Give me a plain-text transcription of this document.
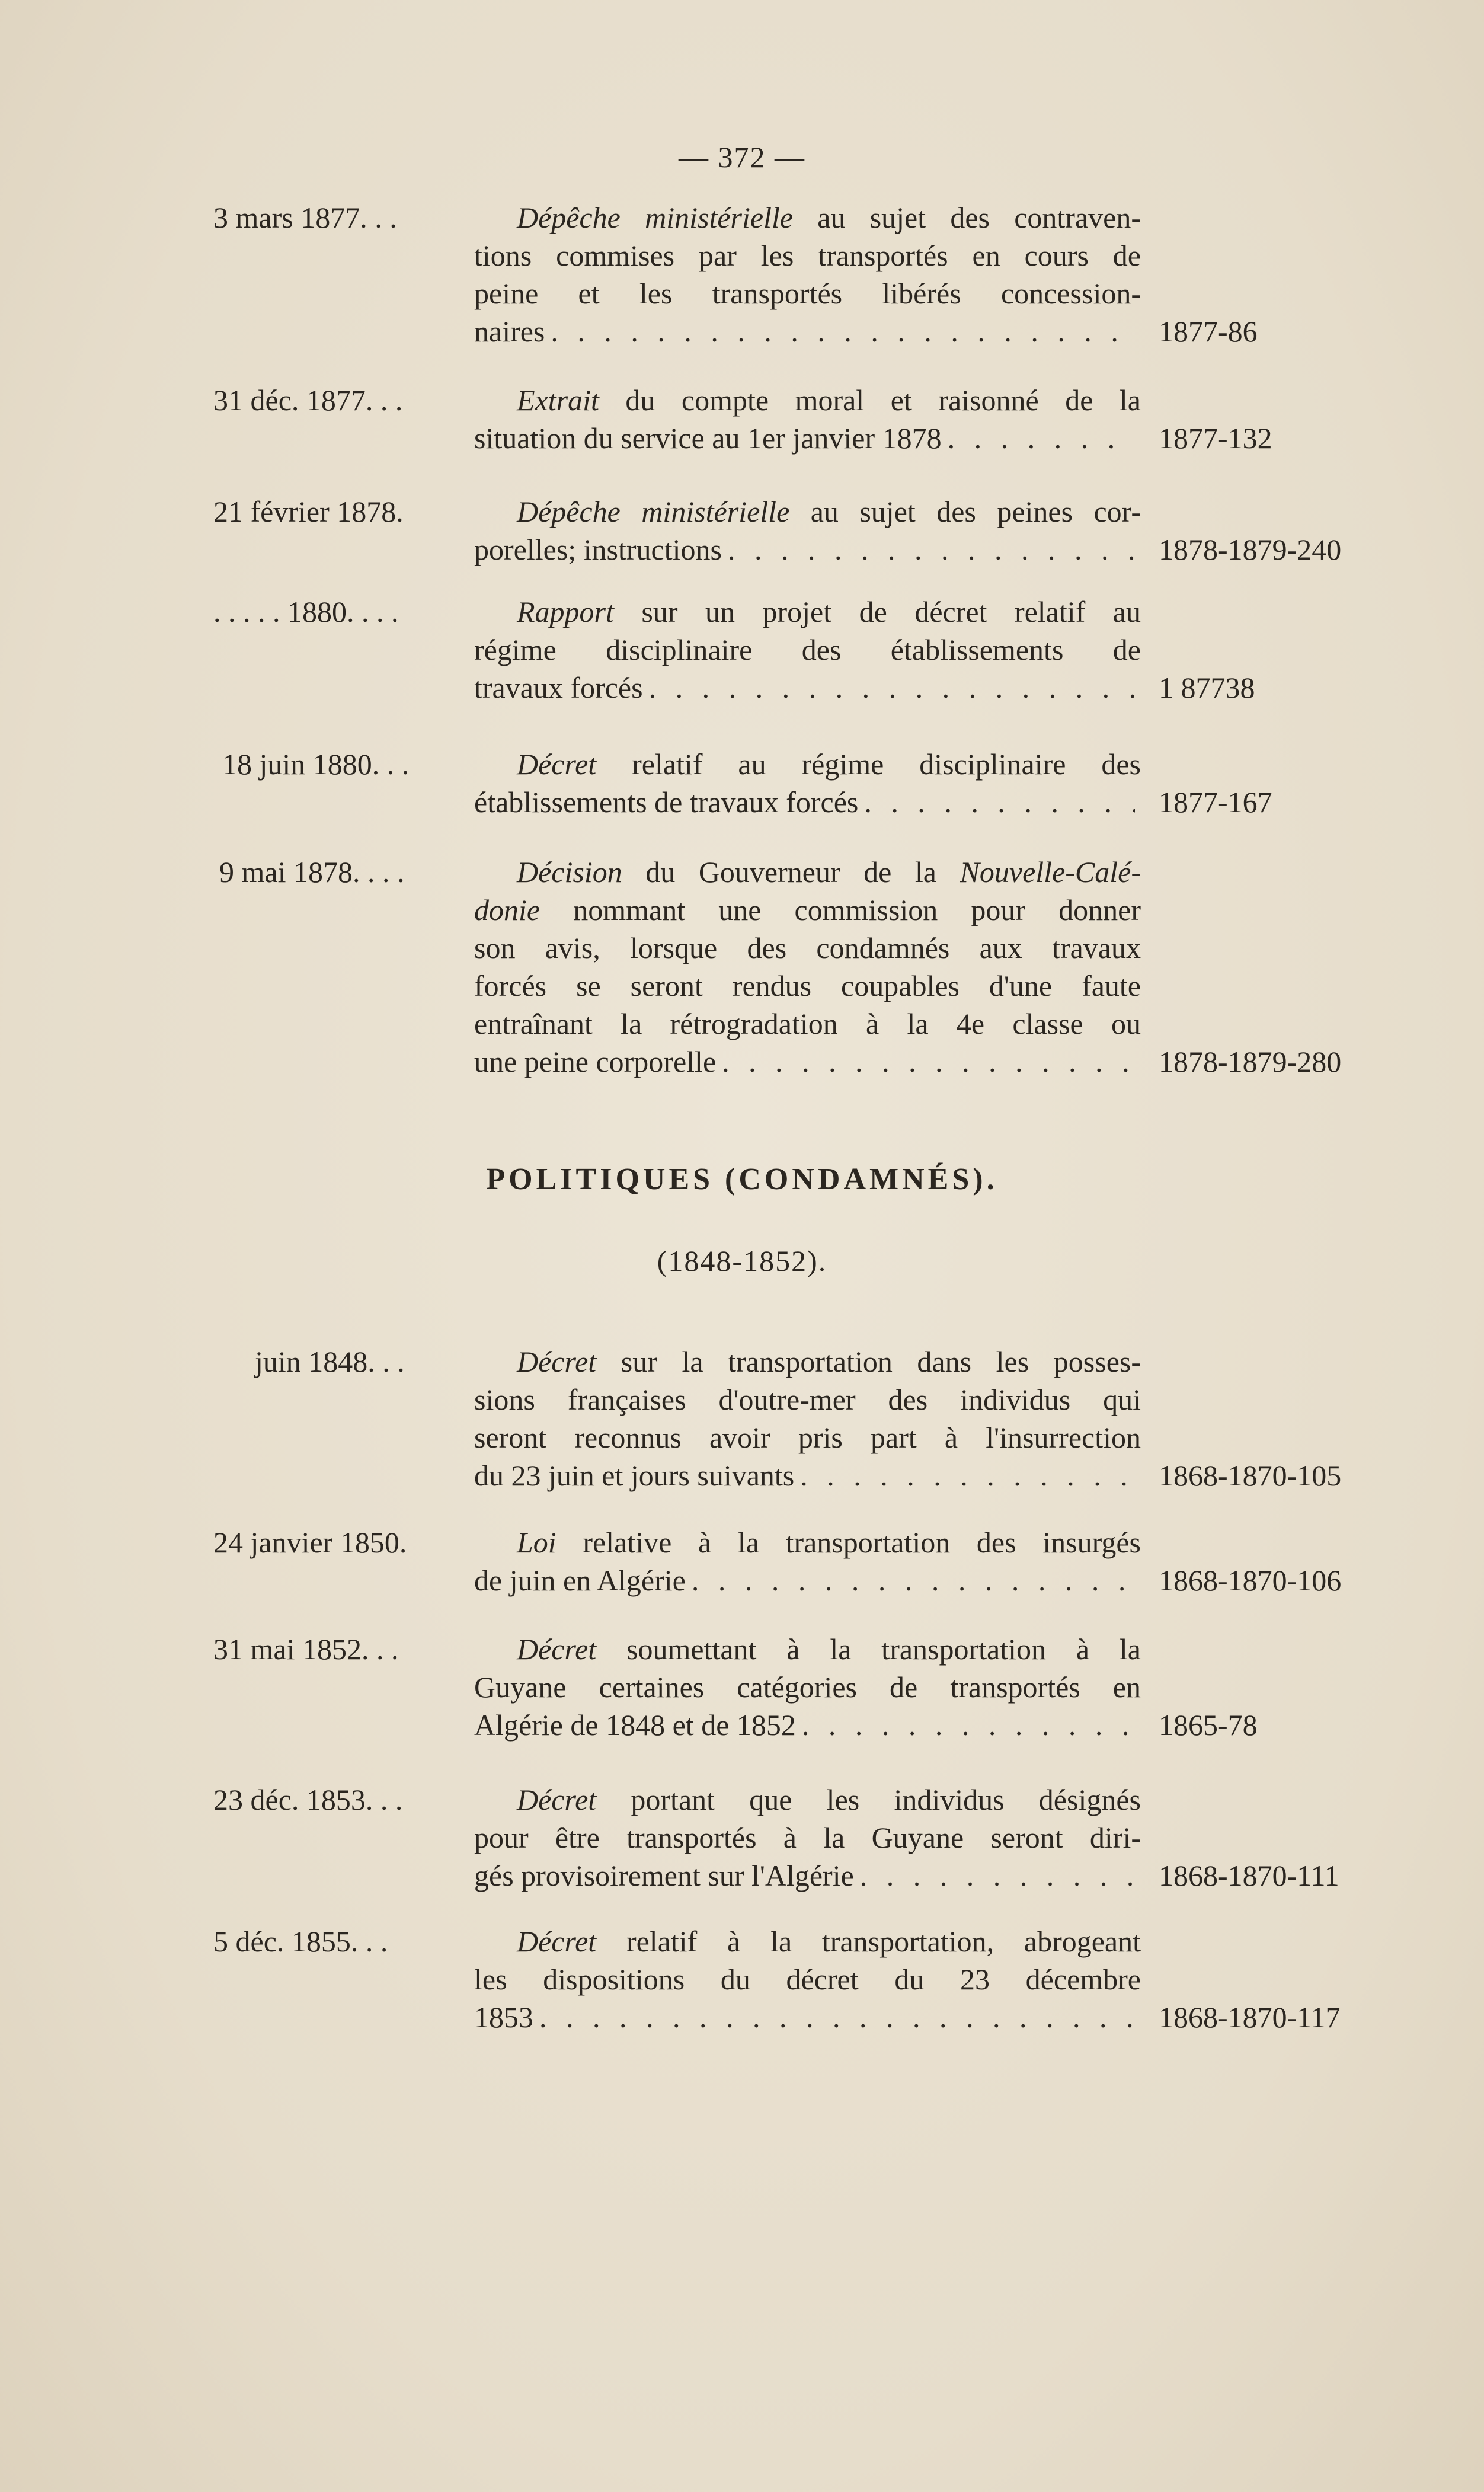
— 372 —
3 mars 1877. . .	Dépêche ministérielle au sujet des contraven-
tions commises par les transportés en cours de
peine et les transportés libérés concession-
naires . . .	1877-86
31 déc. 1877. . .	Extrait du compte moral et raisonné de la
situation du service au 1er janvier 1878 . . .	1877-132
21 février 1878.	Dépêche ministérielle au sujet des peines cor-
porelles; instructions . . .	1878-1879-240
. . . . . 1880. . . .	Rapport sur un projet de décret relatif au
régime disciplinaire des établissements de
travaux forcés . . .	1 87738
18 juin 1880. . .	Décret relatif au régime disciplinaire des
établissements de travaux forcés . . .	1877-167
9 mai 1878. . . .	Décision du Gouverneur de la Nouvelle-Calé-
donie nommant une commission pour donner
son avis, lorsque des condamnés aux travaux
forcés se seront rendus coupables d'une faute
entraînant la rétrogradation à la 4e classe ou
une peine corporelle . . .	1878-1879-280
POLITIQUES (CONDAMNÉS).
(1848-1852).
juin 1848. . .	Décret sur la transportation dans les posses-
sions françaises d'outre-mer des individus qui
seront reconnus avoir pris part à l'insurrection
du 23 juin et jours suivants . . .	1868-1870-105
24 janvier 1850.	Loi relative à la transportation des insurgés
de juin en Algérie . . .	1868-1870-106
31 mai 1852. . .	Décret soumettant à la transportation à la
Guyane certaines catégories de transportés en
Algérie de 1848 et de 1852 . . .	1865-78
23 déc. 1853. . .	Décret portant que les individus désignés
pour être transportés à la Guyane seront diri-
gés provisoirement sur l'Algérie . . .	1868-1870-111
5 déc. 1855. . .	Décret relatif à la transportation, abrogeant
les dispositions du décret du 23 décembre
1853 . . .	1868-1870-117
